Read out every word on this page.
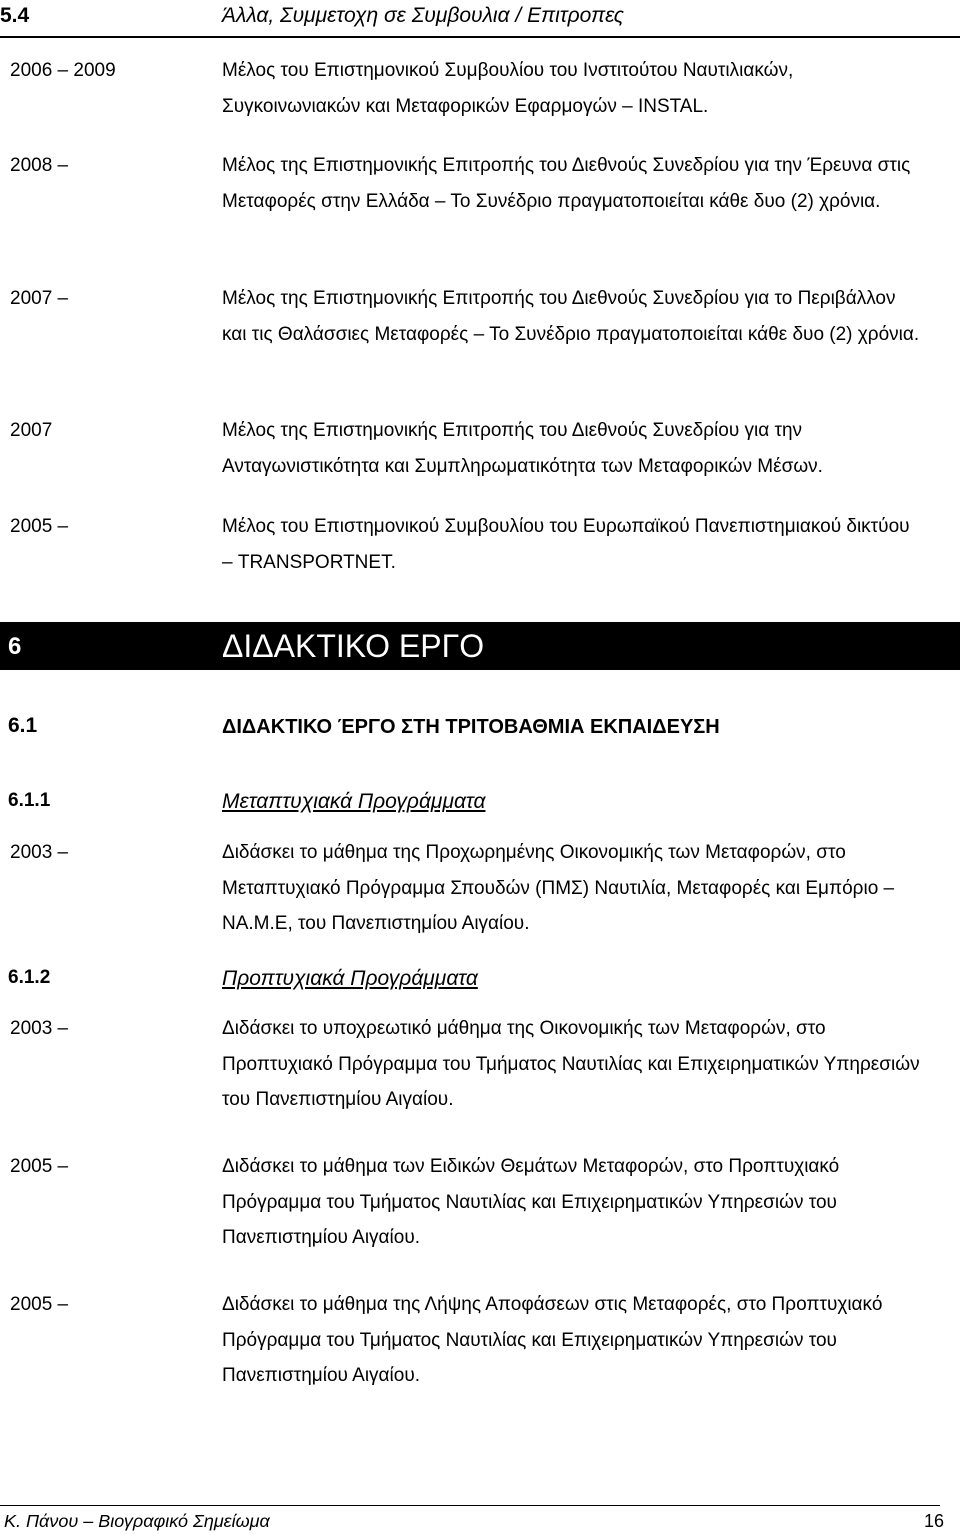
5.4	Άλλα, Συμμετοχη σε Συμβουλια / Επιτροπες
2006 – 2009	Μέλος του Επιστημονικού Συμβουλίου του Ινστιτούτου Ναυτιλιακών, Συγκοινωνιακών και Μεταφορικών Εφαρμογών – INSTAL.
2008 –	Μέλος της Επιστημονικής Επιτροπής του Διεθνούς Συνεδρίου για την Έρευνα στις Μεταφορές στην Ελλάδα – Το Συνέδριο πραγματοποιείται κάθε δυο (2) χρόνια.
2007 –	Μέλος της Επιστημονικής Επιτροπής του Διεθνούς Συνεδρίου για το Περιβάλλον και τις Θαλάσσιες Μεταφορές – Το Συνέδριο πραγματοποιείται κάθε δυο (2) χρόνια.
2007	Μέλος της Επιστημονικής Επιτροπής του Διεθνούς Συνεδρίου για την Ανταγωνιστικότητα και Συμπληρωματικότητα των Μεταφορικών Μέσων.
2005 –	Μέλος του Επιστημονικού Συμβουλίου του Ευρωπαϊκού Πανεπιστημιακού δικτύου – TRANSPORTNET.
6	ΔΙΔΑΚΤΙΚΟ ΕΡΓΟ
6.1	ΔΙΔΑΚΤΙΚΟ ΈΡΓΟ ΣΤΗ ΤΡΙΤΟΒΑΘΜΙΑ ΕΚΠΑΙΔΕΥΣΗ
6.1.1	Μεταπτυχιακά Προγράμματα
2003 –	Διδάσκει το μάθημα της Προχωρημένης Οικονομικής των Μεταφορών, στο Μεταπτυχιακό Πρόγραμμα Σπουδών (ΠΜΣ) Ναυτιλία, Μεταφορές και Εμπόριο – ΝΑ.Μ.Ε, του Πανεπιστημίου Αιγαίου.
6.1.2	Προπτυχιακά Προγράμματα
2003 –	Διδάσκει το υποχρεωτικό μάθημα της Οικονομικής των Μεταφορών, στο Προπτυχιακό Πρόγραμμα του Τμήματος Ναυτιλίας και Επιχειρηματικών Υπηρεσιών του Πανεπιστημίου Αιγαίου.
2005 –	Διδάσκει το μάθημα των Ειδικών Θεμάτων Μεταφορών, στο Προπτυχιακό Πρόγραμμα του Τμήματος Ναυτιλίας και Επιχειρηματικών Υπηρεσιών του Πανεπιστημίου Αιγαίου.
2005 –	Διδάσκει το μάθημα της Λήψης Αποφάσεων στις Μεταφορές, στο Προπτυχιακό Πρόγραμμα του Τμήματος Ναυτιλίας και Επιχειρηματικών Υπηρεσιών του Πανεπιστημίου Αιγαίου.
Κ. Πάνου – Βιογραφικό Σημείωμα	16
